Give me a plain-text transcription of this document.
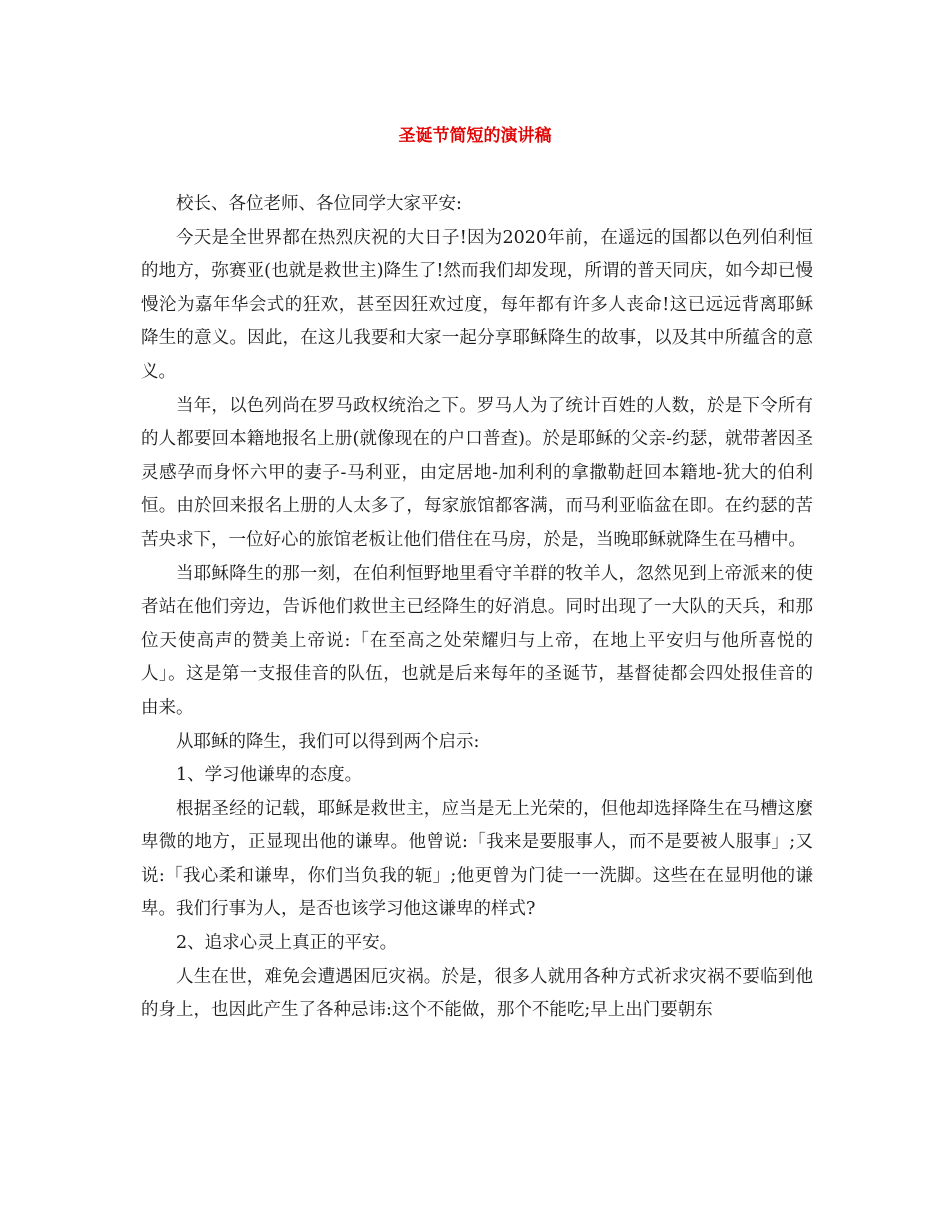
圣诞节简短的演讲稿

校长、各位老师、各位同学大家平安:

今天是全世界都在热烈庆祝的大日子!因为2020年前，在遥远的国都以色列伯利恒的地方，弥赛亚(也就是救世主)降生了!然而我们却发现，所谓的普天同庆，如今却已慢慢沦为嘉年华会式的狂欢，甚至因狂欢过度，每年都有许多人丧命!这已远远背离耶稣降生的意义。因此，在这儿我要和大家一起分享耶稣降生的故事，以及其中所蕴含的意义。

当年，以色列尚在罗马政权统治之下。罗马人为了统计百姓的人数，於是下令所有的人都要回本籍地报名上册(就像现在的户口普查)。於是耶稣的父亲-约瑟，就带著因圣灵感孕而身怀六甲的妻子-马利亚，由定居地-加利利的拿撒勒赶回本籍地-犹大的伯利恒。由於回来报名上册的人太多了，每家旅馆都客满，而马利亚临盆在即。在约瑟的苦苦央求下，一位好心的旅馆老板让他们借住在马房，於是，当晚耶稣就降生在马槽中。

当耶稣降生的那一刻，在伯利恒野地里看守羊群的牧羊人，忽然见到上帝派来的使者站在他们旁边，告诉他们救世主已经降生的好消息。同时出现了一大队的天兵，和那位天使高声的赞美上帝说:「在至高之处荣耀归与上帝，在地上平安归与他所喜悦的人」。这是第一支报佳音的队伍，也就是后来每年的圣诞节，基督徒都会四处报佳音的由来。

从耶稣的降生，我们可以得到两个启示:

1、学习他谦卑的态度。

根据圣经的记载，耶稣是救世主，应当是无上光荣的，但他却选择降生在马槽这麼卑微的地方，正显现出他的谦卑。他曾说:「我来是要服事人，而不是要被人服事」;又说:「我心柔和谦卑，你们当负我的轭」;他更曾为门徒一一洗脚。这些在在显明他的谦卑。我们行事为人，是否也该学习他这谦卑的样式?

2、追求心灵上真正的平安。

人生在世，难免会遭遇困厄灾祸。於是，很多人就用各种方式祈求灾祸不要临到他的身上，也因此产生了各种忌讳:这个不能做，那个不能吃;早上出门要朝东
